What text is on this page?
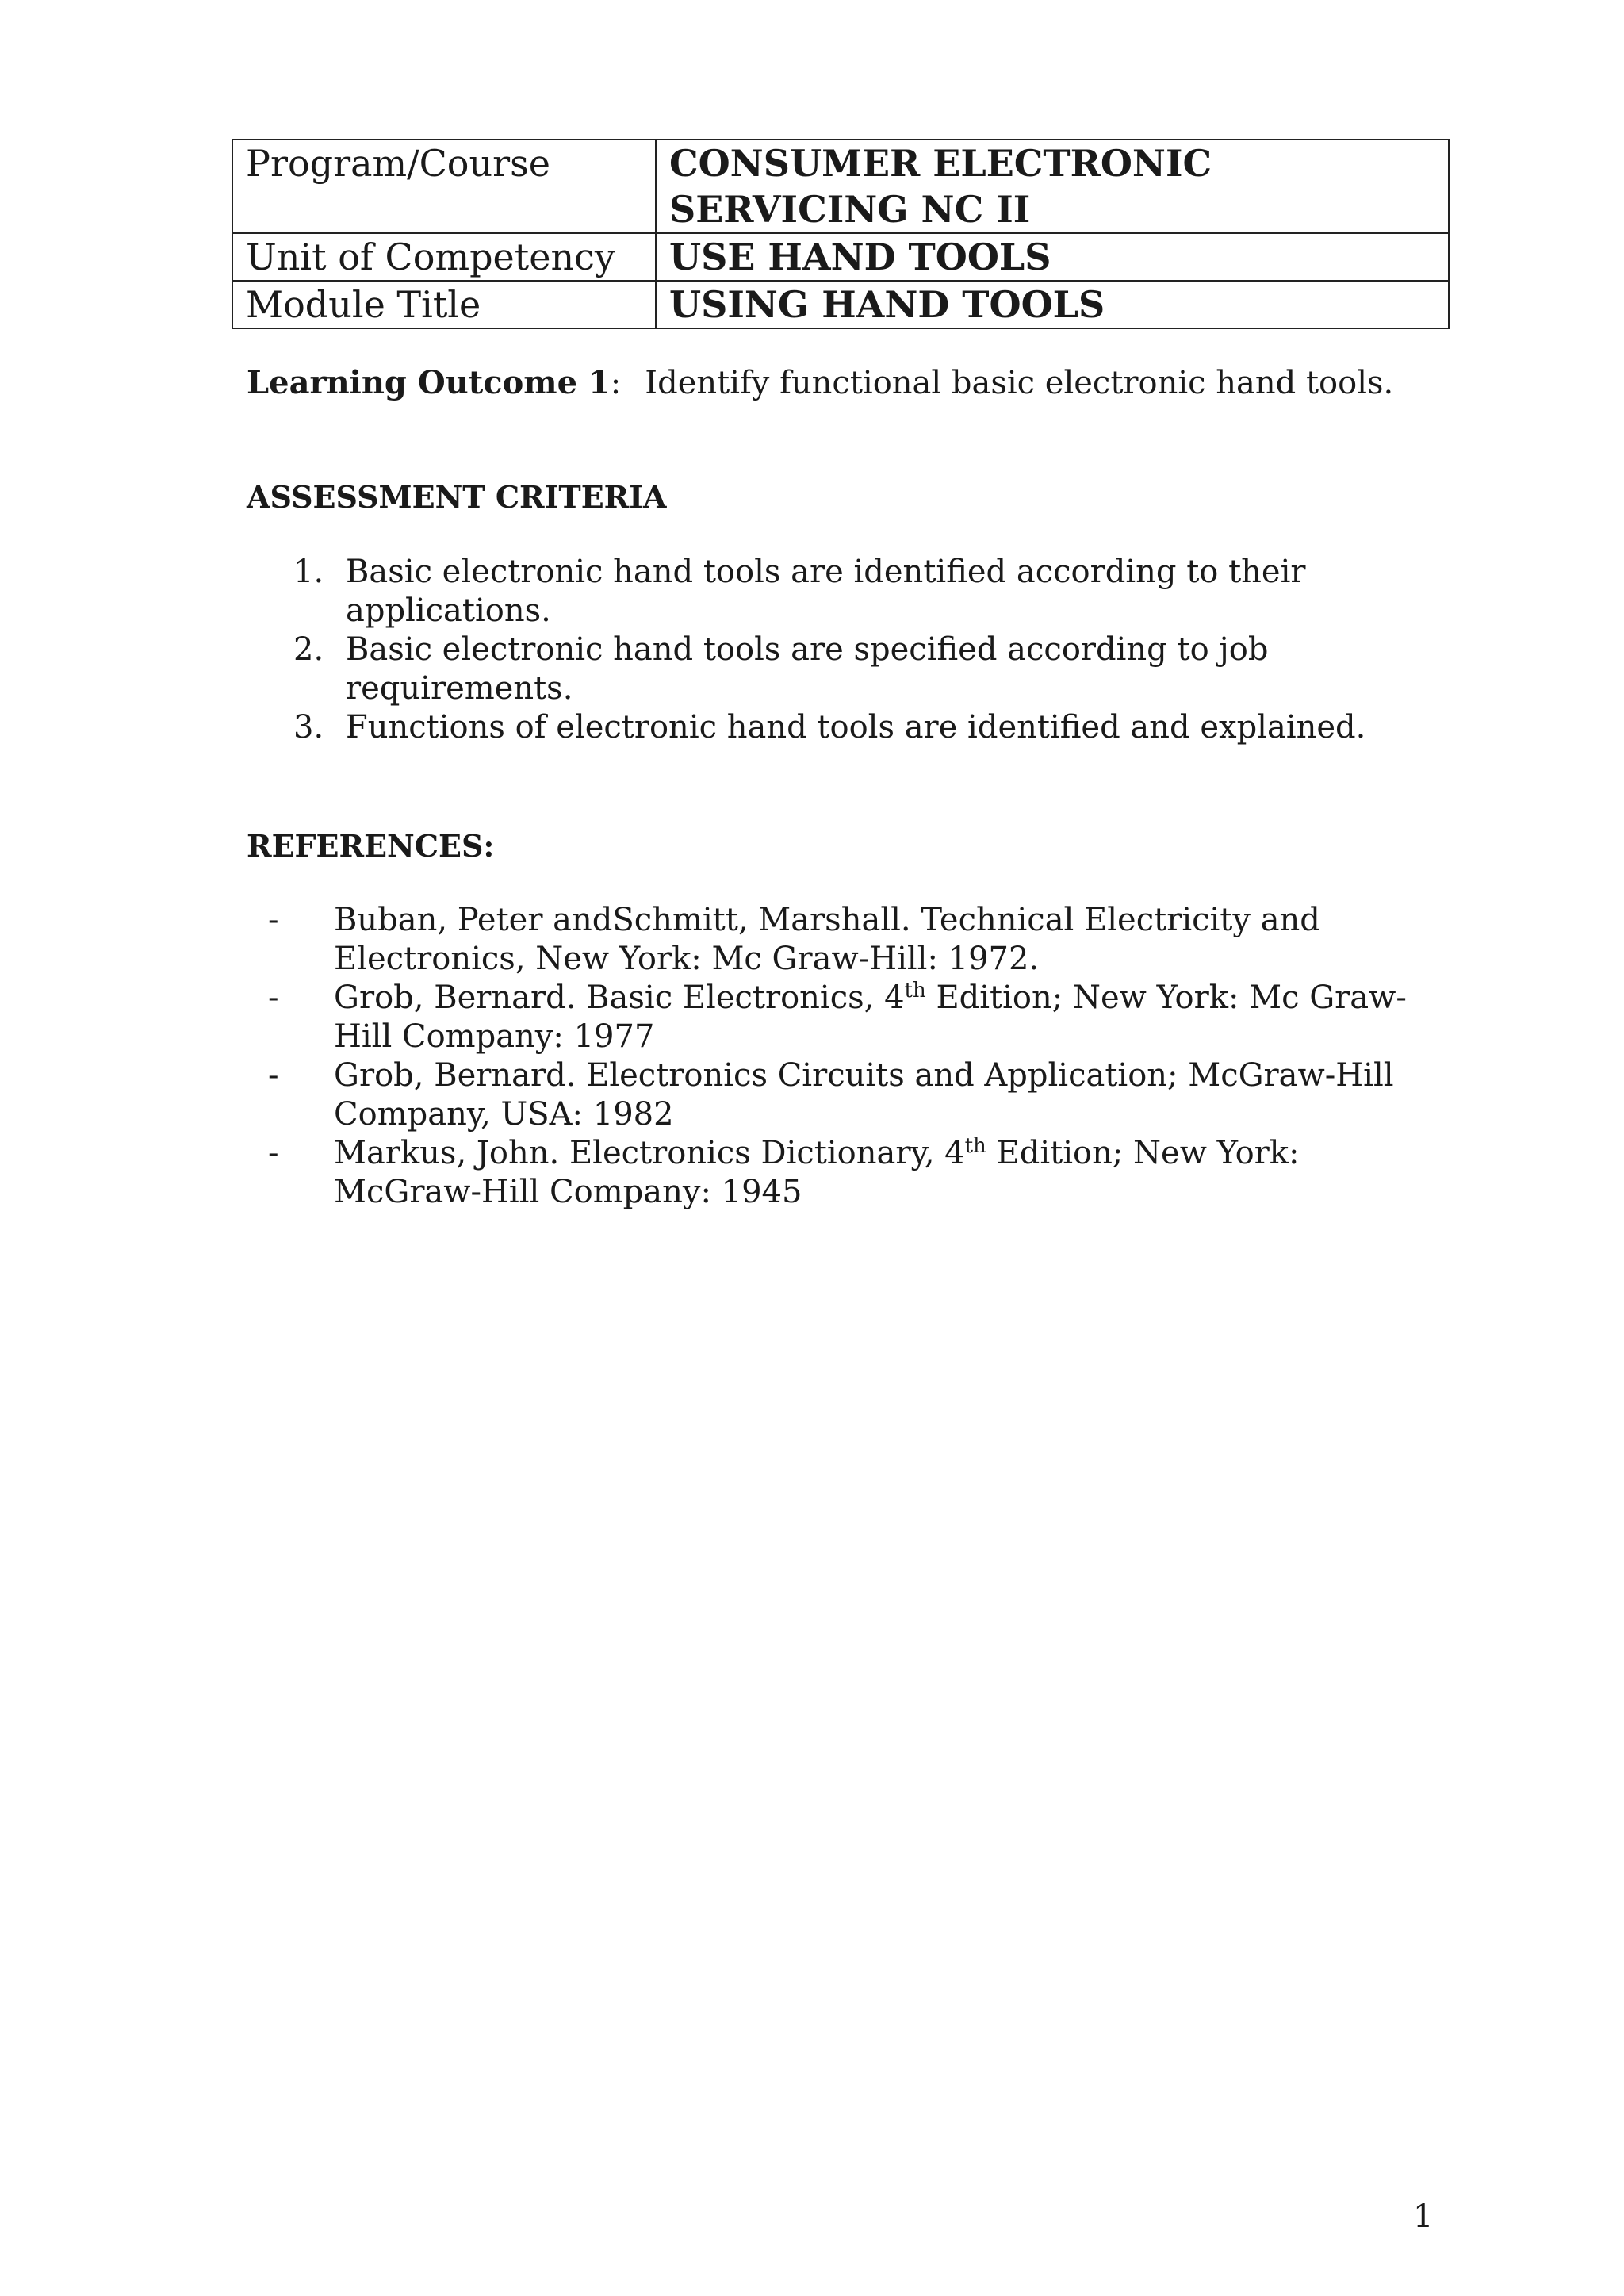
Program/Course	CONSUMER ELECTRONIC
SERVICING NC II
Unit of Competency	USE HAND TOOLS
Module Title	USING HAND TOOLS
Learning Outcome 1: Identify functional basic electronic hand tools.
ASSESSMENT CRITERIA
1. Basic electronic hand tools are identified according to their
applications.
2. Basic electronic hand tools are specified according to job
requirements.
3. Functions of electronic hand tools are identified and explained.
REFERENCES:
- Buban, Peter andSchmitt, Marshall. Technical Electricity and
Electronics, New York: Mc Graw-Hill: 1972.
- Grob, Bernard. Basic Electronics, 4th Edition; New York: Mc Graw-
Hill Company: 1977
- Grob, Bernard. Electronics Circuits and Application; McGraw-Hill
Company, USA: 1982
- Markus, John. Electronics Dictionary, 4th Edition; New York:
McGraw-Hill Company: 1945
1
